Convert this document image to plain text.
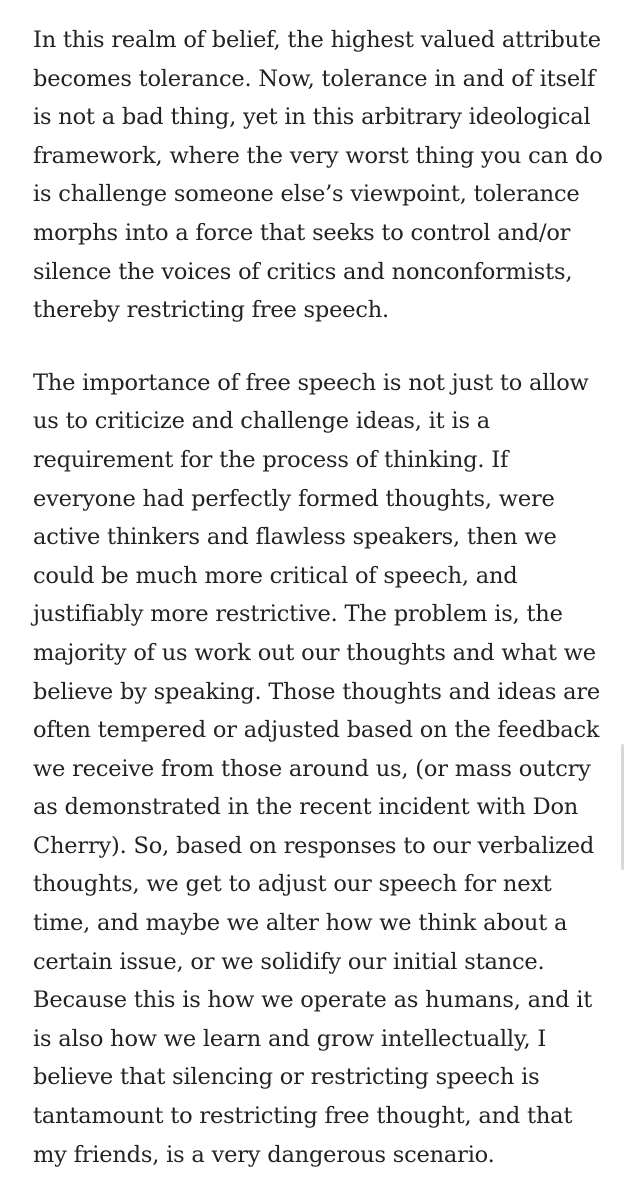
In this realm of belief, the highest valued attribute
becomes tolerance. Now, tolerance in and of itself
is not a bad thing, yet in this arbitrary ideological
framework, where the very worst thing you can do
is challenge someone else’s viewpoint, tolerance
morphs into a force that seeks to control and/or
silence the voices of critics and nonconformists,
thereby restricting free speech.

The importance of free speech is not just to allow
us to criticize and challenge ideas, it is a
requirement for the process of thinking. If
everyone had perfectly formed thoughts, were
active thinkers and flawless speakers, then we
could be much more critical of speech, and
justifiably more restrictive. The problem is, the
majority of us work out our thoughts and what we
believe by speaking. Those thoughts and ideas are
often tempered or adjusted based on the feedback
we receive from those around us, (or mass outcry
as demonstrated in the recent incident with Don
Cherry). So, based on responses to our verbalized
thoughts, we get to adjust our speech for next
time, and maybe we alter how we think about a
certain issue, or we solidify our initial stance.
Because this is how we operate as humans, and it
is also how we learn and grow intellectually, I
believe that silencing or restricting speech is
tantamount to restricting free thought, and that
my friends, is a very dangerous scenario.
